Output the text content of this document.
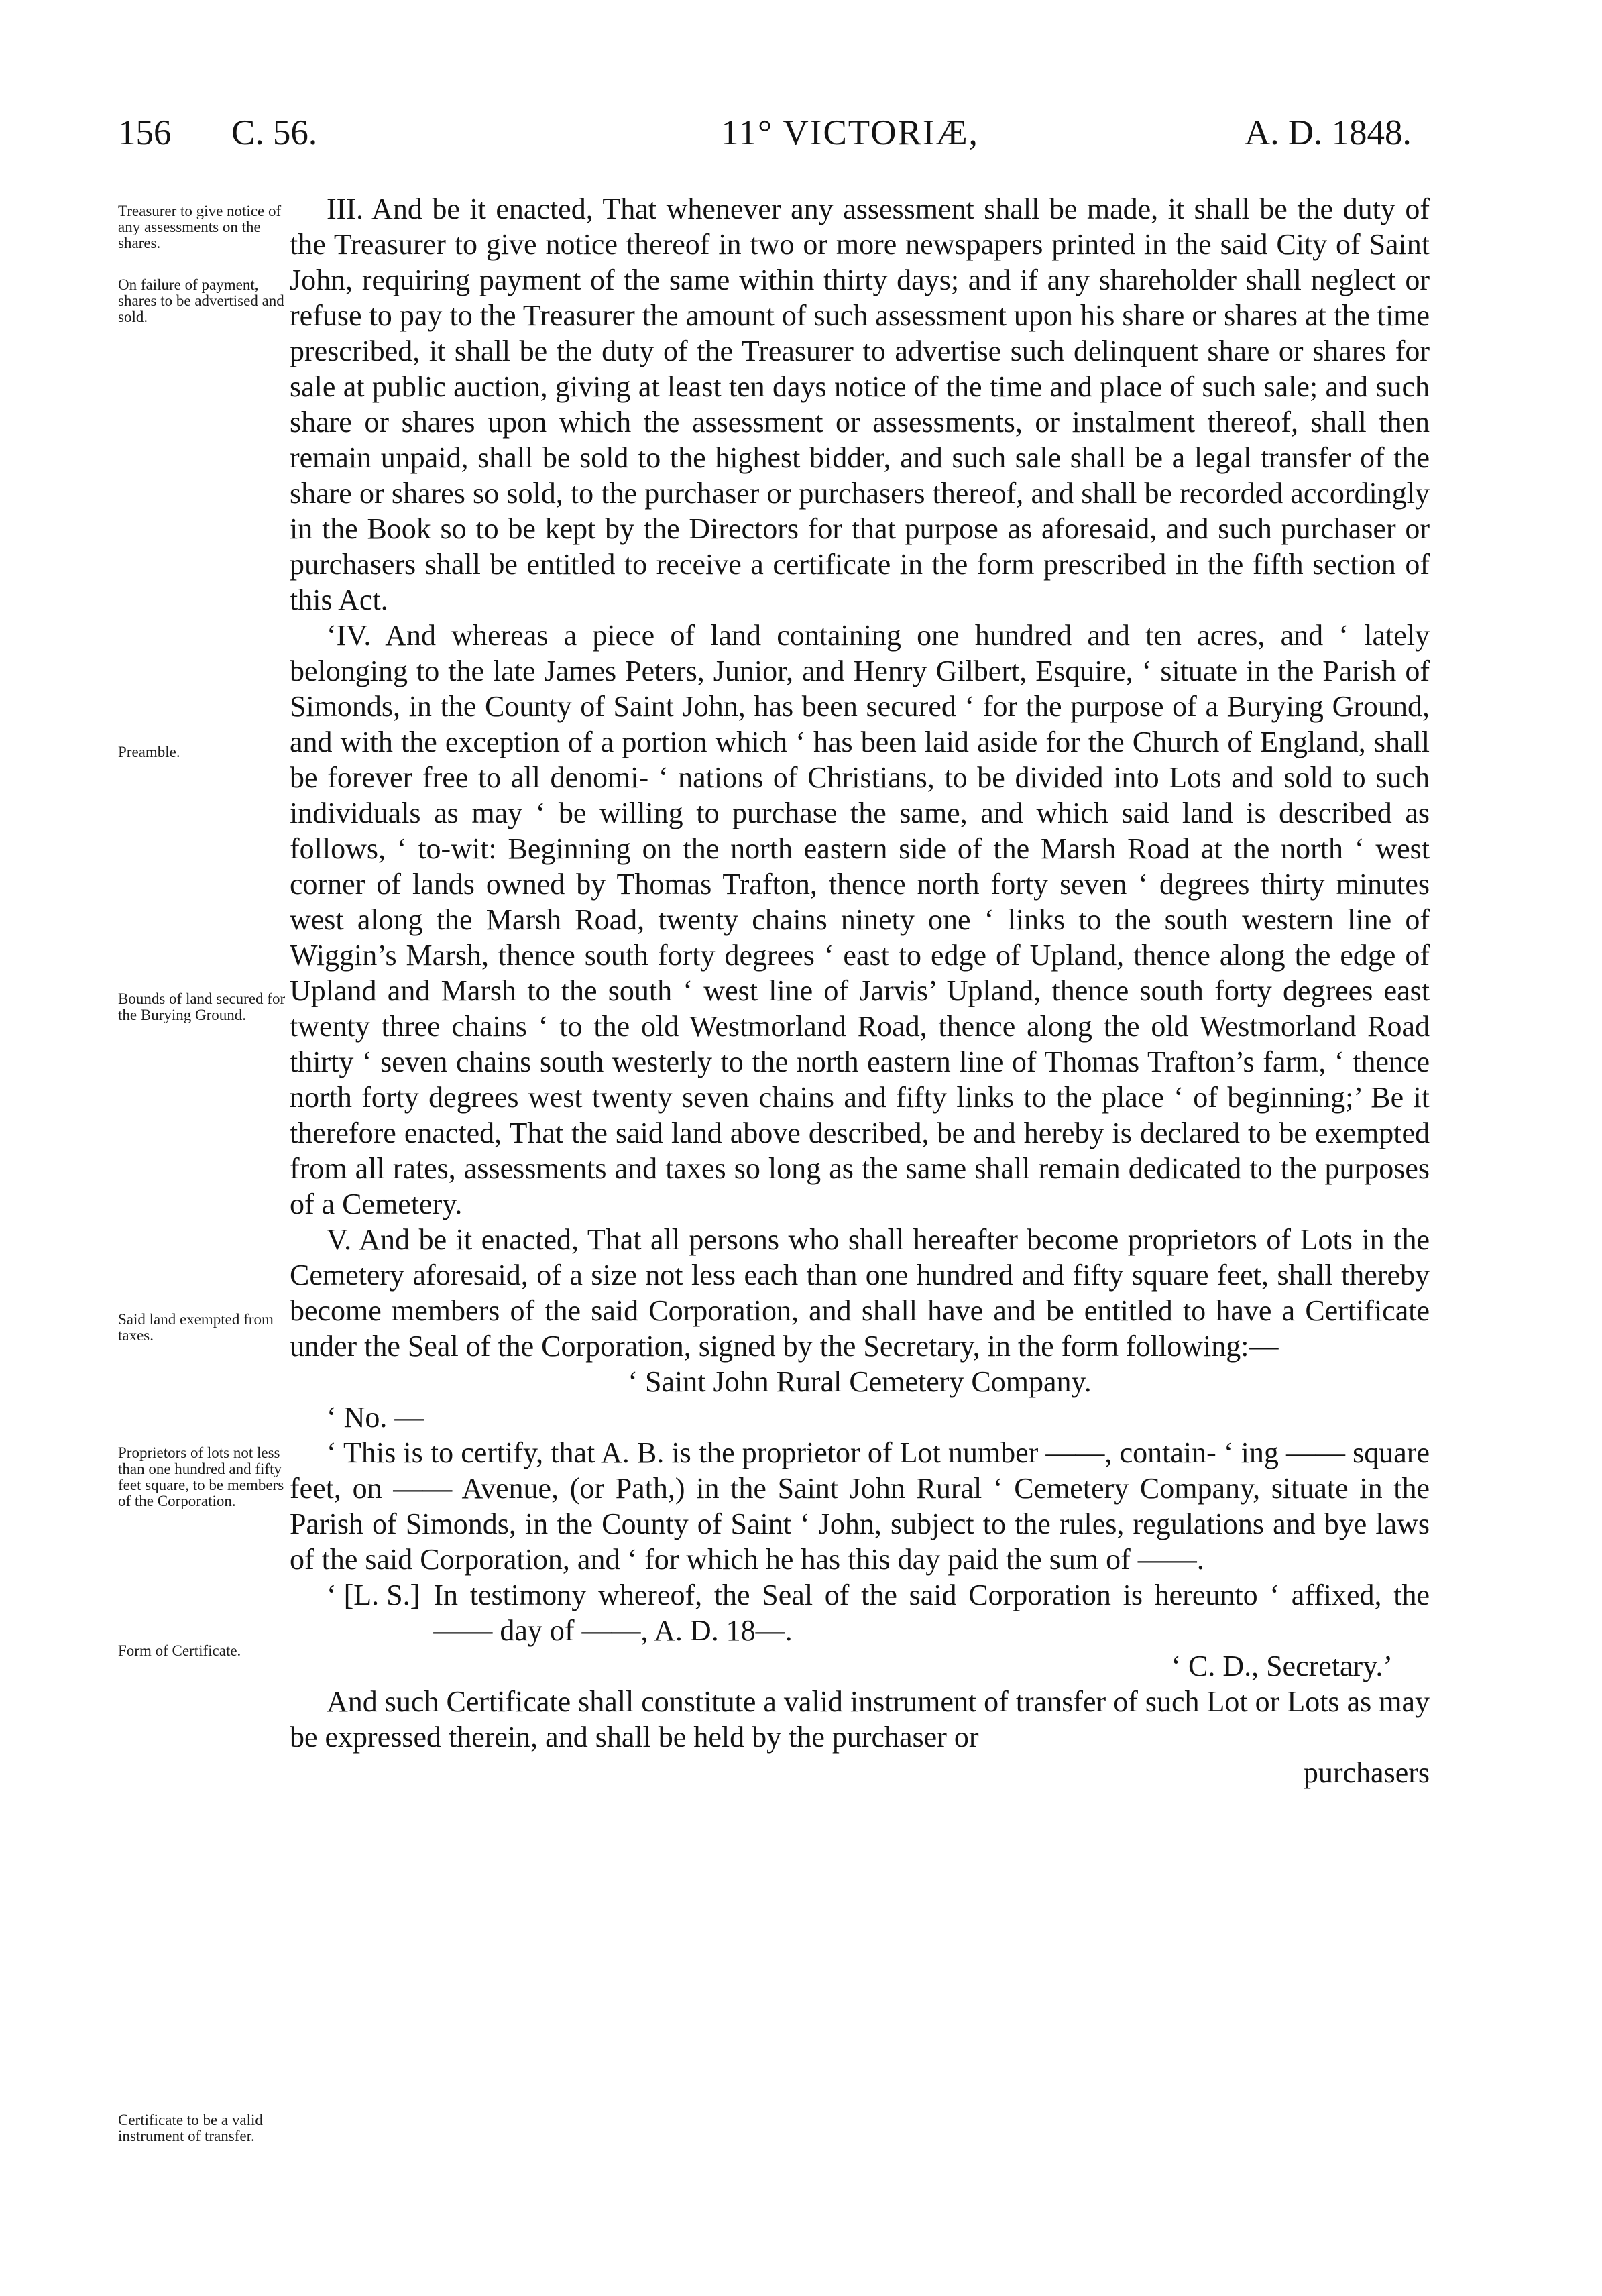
156 C. 56.	11° VICTORIÆ,	A. D. 1848.
Treasurer to give notice of any assessments on the shares.
On failure of payment, shares to be advertised and sold.
Preamble.
Bounds of land secured for the Burying Ground.
Said land exempted from taxes.
Proprietors of lots not less than one hundred and fifty feet square, to be members of the Corporation.
Form of Certificate.
Certificate to be a valid instrument of transfer.

III. And be it enacted, That whenever any assessment shall be made, it shall be the duty of the Treasurer to give notice thereof in two or more newspapers printed in the said City of Saint John, requiring payment of the same within thirty days; and if any shareholder shall neglect or refuse to pay to the Treasurer the amount of such assessment upon his share or shares at the time prescribed, it shall be the duty of the Treasurer to advertise such delinquent share or shares for sale at public auction, giving at least ten days notice of the time and place of such sale; and such share or shares upon which the assessment or assessments, or instalment thereof, shall then remain unpaid, shall be sold to the highest bidder, and such sale shall be a legal transfer of the share or shares so sold, to the purchaser or purchasers thereof, and shall be recorded accordingly in the Book so to be kept by the Directors for that purpose as aforesaid, and such purchaser or purchasers shall be entitled to receive a certificate in the form prescribed in the fifth section of this Act.

‘IV. And whereas a piece of land containing one hundred and ten acres, and ‘ lately belonging to the late James Peters, Junior, and Henry Gilbert, Esquire, ‘ situate in the Parish of Simonds, in the County of Saint John, has been secured ‘ for the purpose of a Burying Ground, and with the exception of a portion which ‘ has been laid aside for the Church of England, shall be forever free to all denomi- ‘ nations of Christians, to be divided into Lots and sold to such individuals as may ‘ be willing to purchase the same, and which said land is described as follows, ‘ to-wit: Beginning on the north eastern side of the Marsh Road at the north ‘ west corner of lands owned by Thomas Trafton, thence north forty seven ‘ degrees thirty minutes west along the Marsh Road, twenty chains ninety one ‘ links to the south western line of Wiggin’s Marsh, thence south forty degrees ‘ east to edge of Upland, thence along the edge of Upland and Marsh to the south ‘ west line of Jarvis’ Upland, thence south forty degrees east twenty three chains ‘ to the old Westmorland Road, thence along the old Westmorland Road thirty ‘ seven chains south westerly to the north eastern line of Thomas Trafton’s farm, ‘ thence north forty degrees west twenty seven chains and fifty links to the place ‘ of beginning;’ Be it therefore enacted, That the said land above described, be and hereby is declared to be exempted from all rates, assessments and taxes so long as the same shall remain dedicated to the purposes of a Cemetery.

V. And be it enacted, That all persons who shall hereafter become proprietors of Lots in the Cemetery aforesaid, of a size not less each than one hundred and fifty square feet, shall thereby become members of the said Corporation, and shall have and be entitled to have a Certificate under the Seal of the Corporation, signed by the Secretary, in the form following:—

‘ Saint John Rural Cemetery Company.

‘ No. —

‘ This is to certify, that A. B. is the proprietor of Lot number ——, contain- ‘ ing —— square feet, on —— Avenue, (or Path,) in the Saint John Rural ‘ Cemetery Company, situate in the Parish of Simonds, in the County of Saint ‘ John, subject to the rules, regulations and bye laws of the said Corporation, and ‘ for which he has this day paid the sum of ——.

‘ [L. S.] In testimony whereof, the Seal of the said Corporation is hereunto ‘ affixed, the —— day of ——, A. D. 18—.

‘ C. D., Secretary.’

And such Certificate shall constitute a valid instrument of transfer of such Lot or Lots as may be expressed therein, and shall be held by the purchaser or

purchasers
